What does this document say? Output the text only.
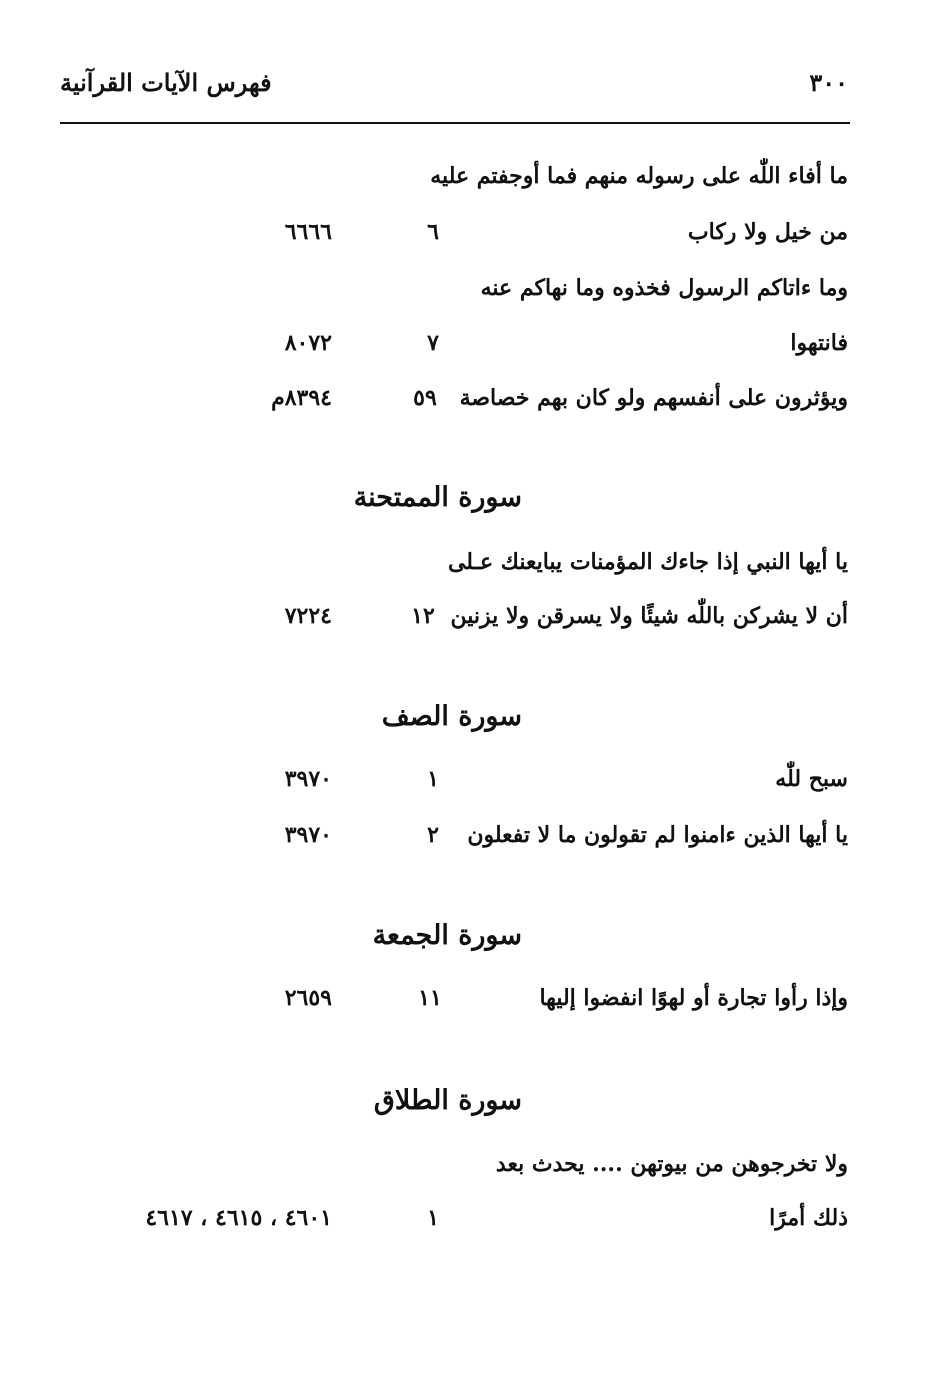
٣٠٠
فهرس الآيات القرآنية
ما أفاء اللّٰه على رسوله منهم فما أوجفتم عليه
من خيل ولا ركاب
٦
٦٦٦٦
وما ءاتاكم الرسول فخذوه وما نهاكم عنه
فانتهوا
٧
٨٠٧٢
ويؤثرون على أنفسهم ولو كان بهم خصاصة
٥٩
٨٣٩٤م
سورة الممتحنة
يا أيها النبي إذا جاءك المؤمنات يبايعنك عـلى
أن لا يشركن باللّٰه شيئًا ولا يسرقن ولا يزنين
١٢
٧٢٢٤
سورة الصف
سبح للّٰه
١
٣٩٧٠
يا أيها الذين ءامنوا لم تقولون ما لا تفعلون
٢
٣٩٧٠
سورة الجمعة
وإذا رأوا تجارة أو لهوًا انفضوا إليها
١١
٢٦٥٩
سورة الطلاق
ولا تخرجوهن من بيوتهن .... يحدث بعد
ذلك أمرًا
١
٤٦٠١ ، ٤٦١٥ ، ٤٦١٧
